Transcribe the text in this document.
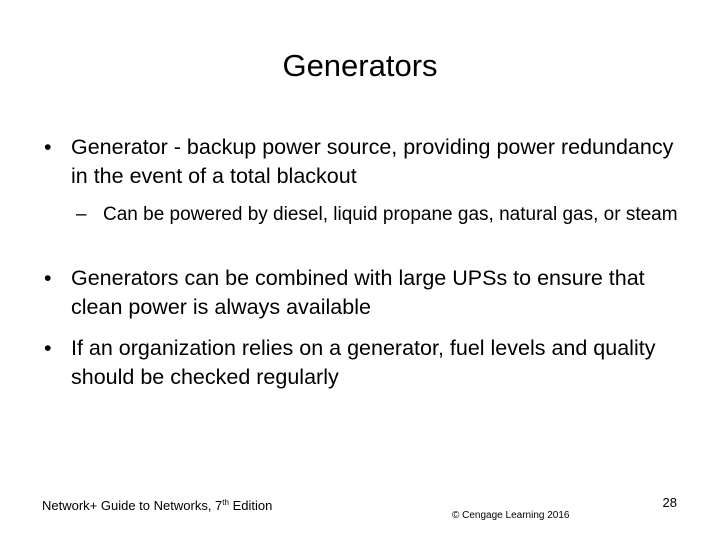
Generators
• Generator - backup power source, providing power redundancy in the event of a total blackout
– Can be powered by diesel, liquid propane gas, natural gas, or steam
• Generators can be combined with large UPSs to ensure that clean power is always available
• If an organization relies on a generator, fuel levels and quality should be checked regularly
Network+ Guide to Networks, 7th Edition
© Cengage Learning 2016
28
